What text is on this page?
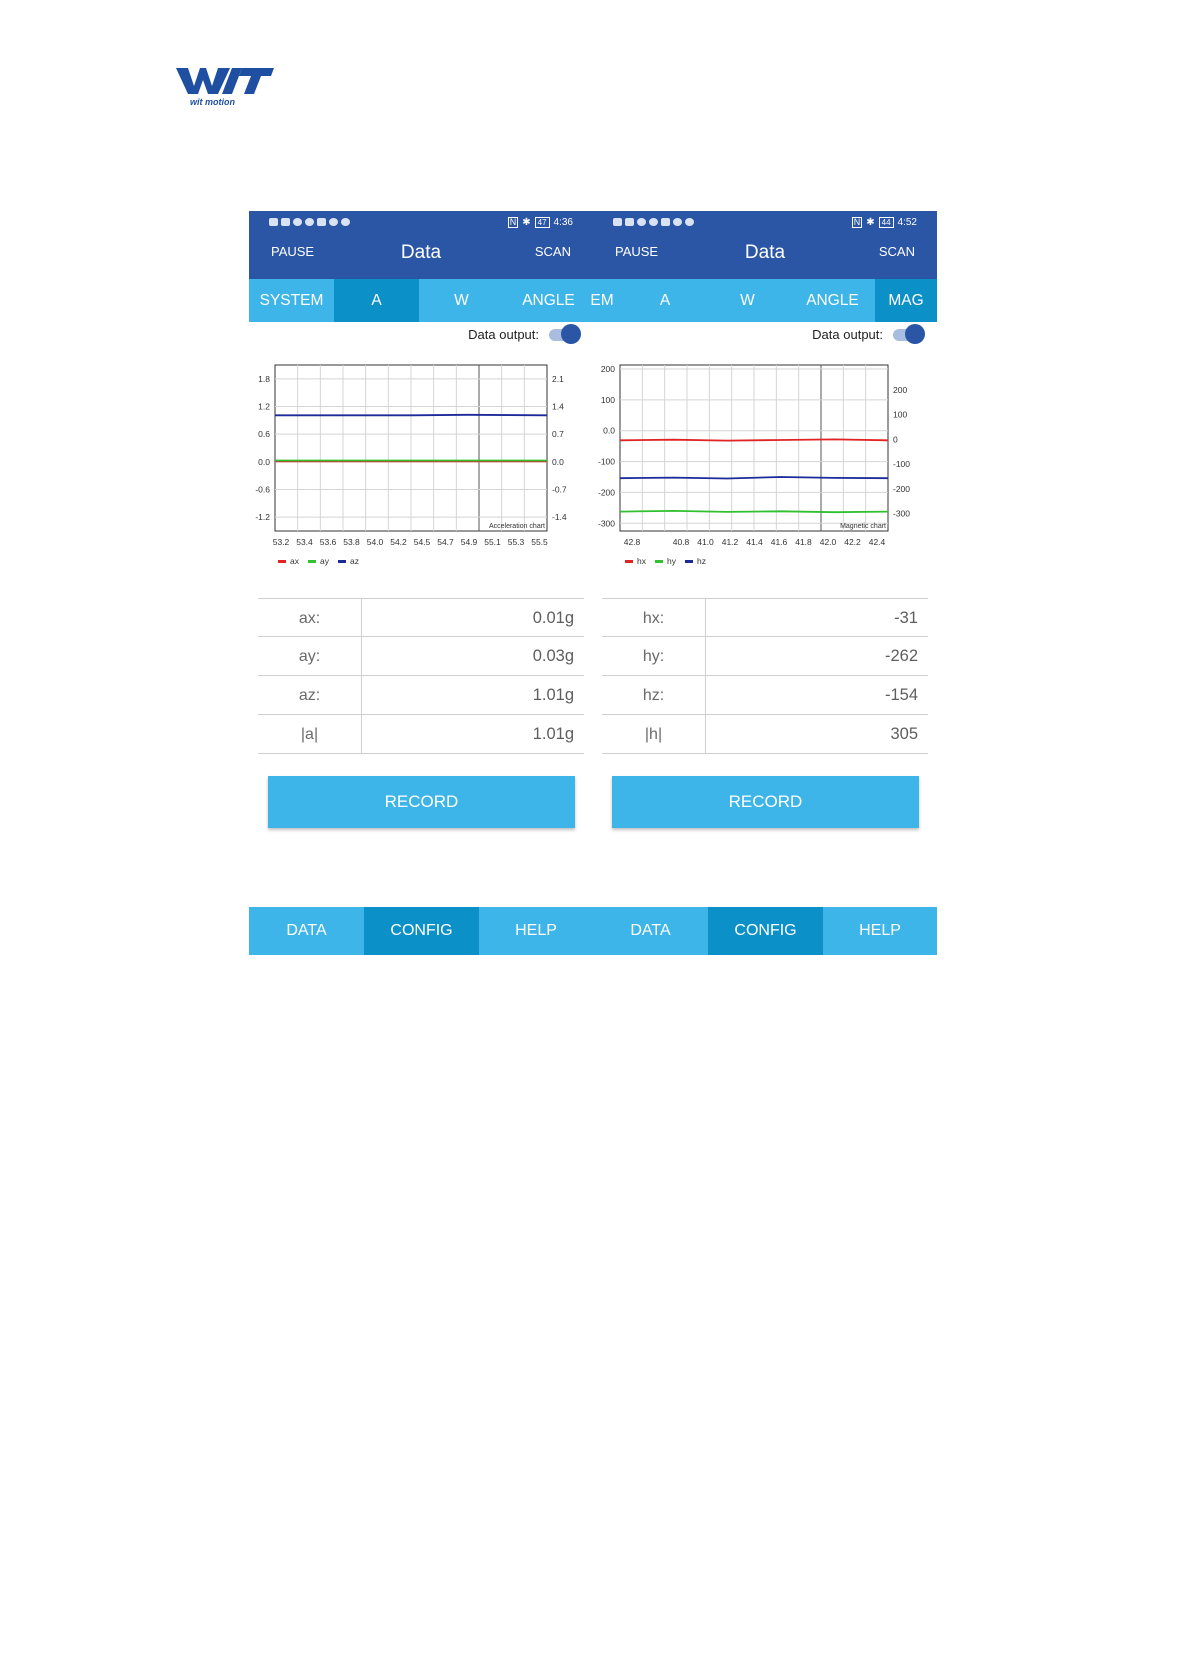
wit motion
N ✱ 47 4:36
PAUSE	Data	SCAN
SYSTEM	A	W	ANGLE
Data output:
1.8
1.2
0.6
0.0
-0.6
-1.2
2.1
1.4
0.7
0.0
-0.7
-1.4
53.2 53.4 53.6 53.8 54.0 54.2 54.5 54.7 54.9 55.1 55.3 55.5
Acceleration chart
ax ay az
ax:	0.01g
ay:	0.03g
az:	1.01g
|a|	1.01g
RECORD
DATA	CONFIG	HELP
N ✱ 44 4:52
PAUSE	Data	SCAN
EM	A	W	ANGLE	MAG
Data output:
200
100
0.0
-100
-200
-300
200
100
0
-100
-200
-300
42.8	40.8 41.0 41.2 41.4 41.6 41.8 42.0 42.2 42.4
Magnetic chart
hx hy hz
hx:	-31
hy:	-262
hz:	-154
|h|	305
RECORD
DATA	CONFIG	HELP
